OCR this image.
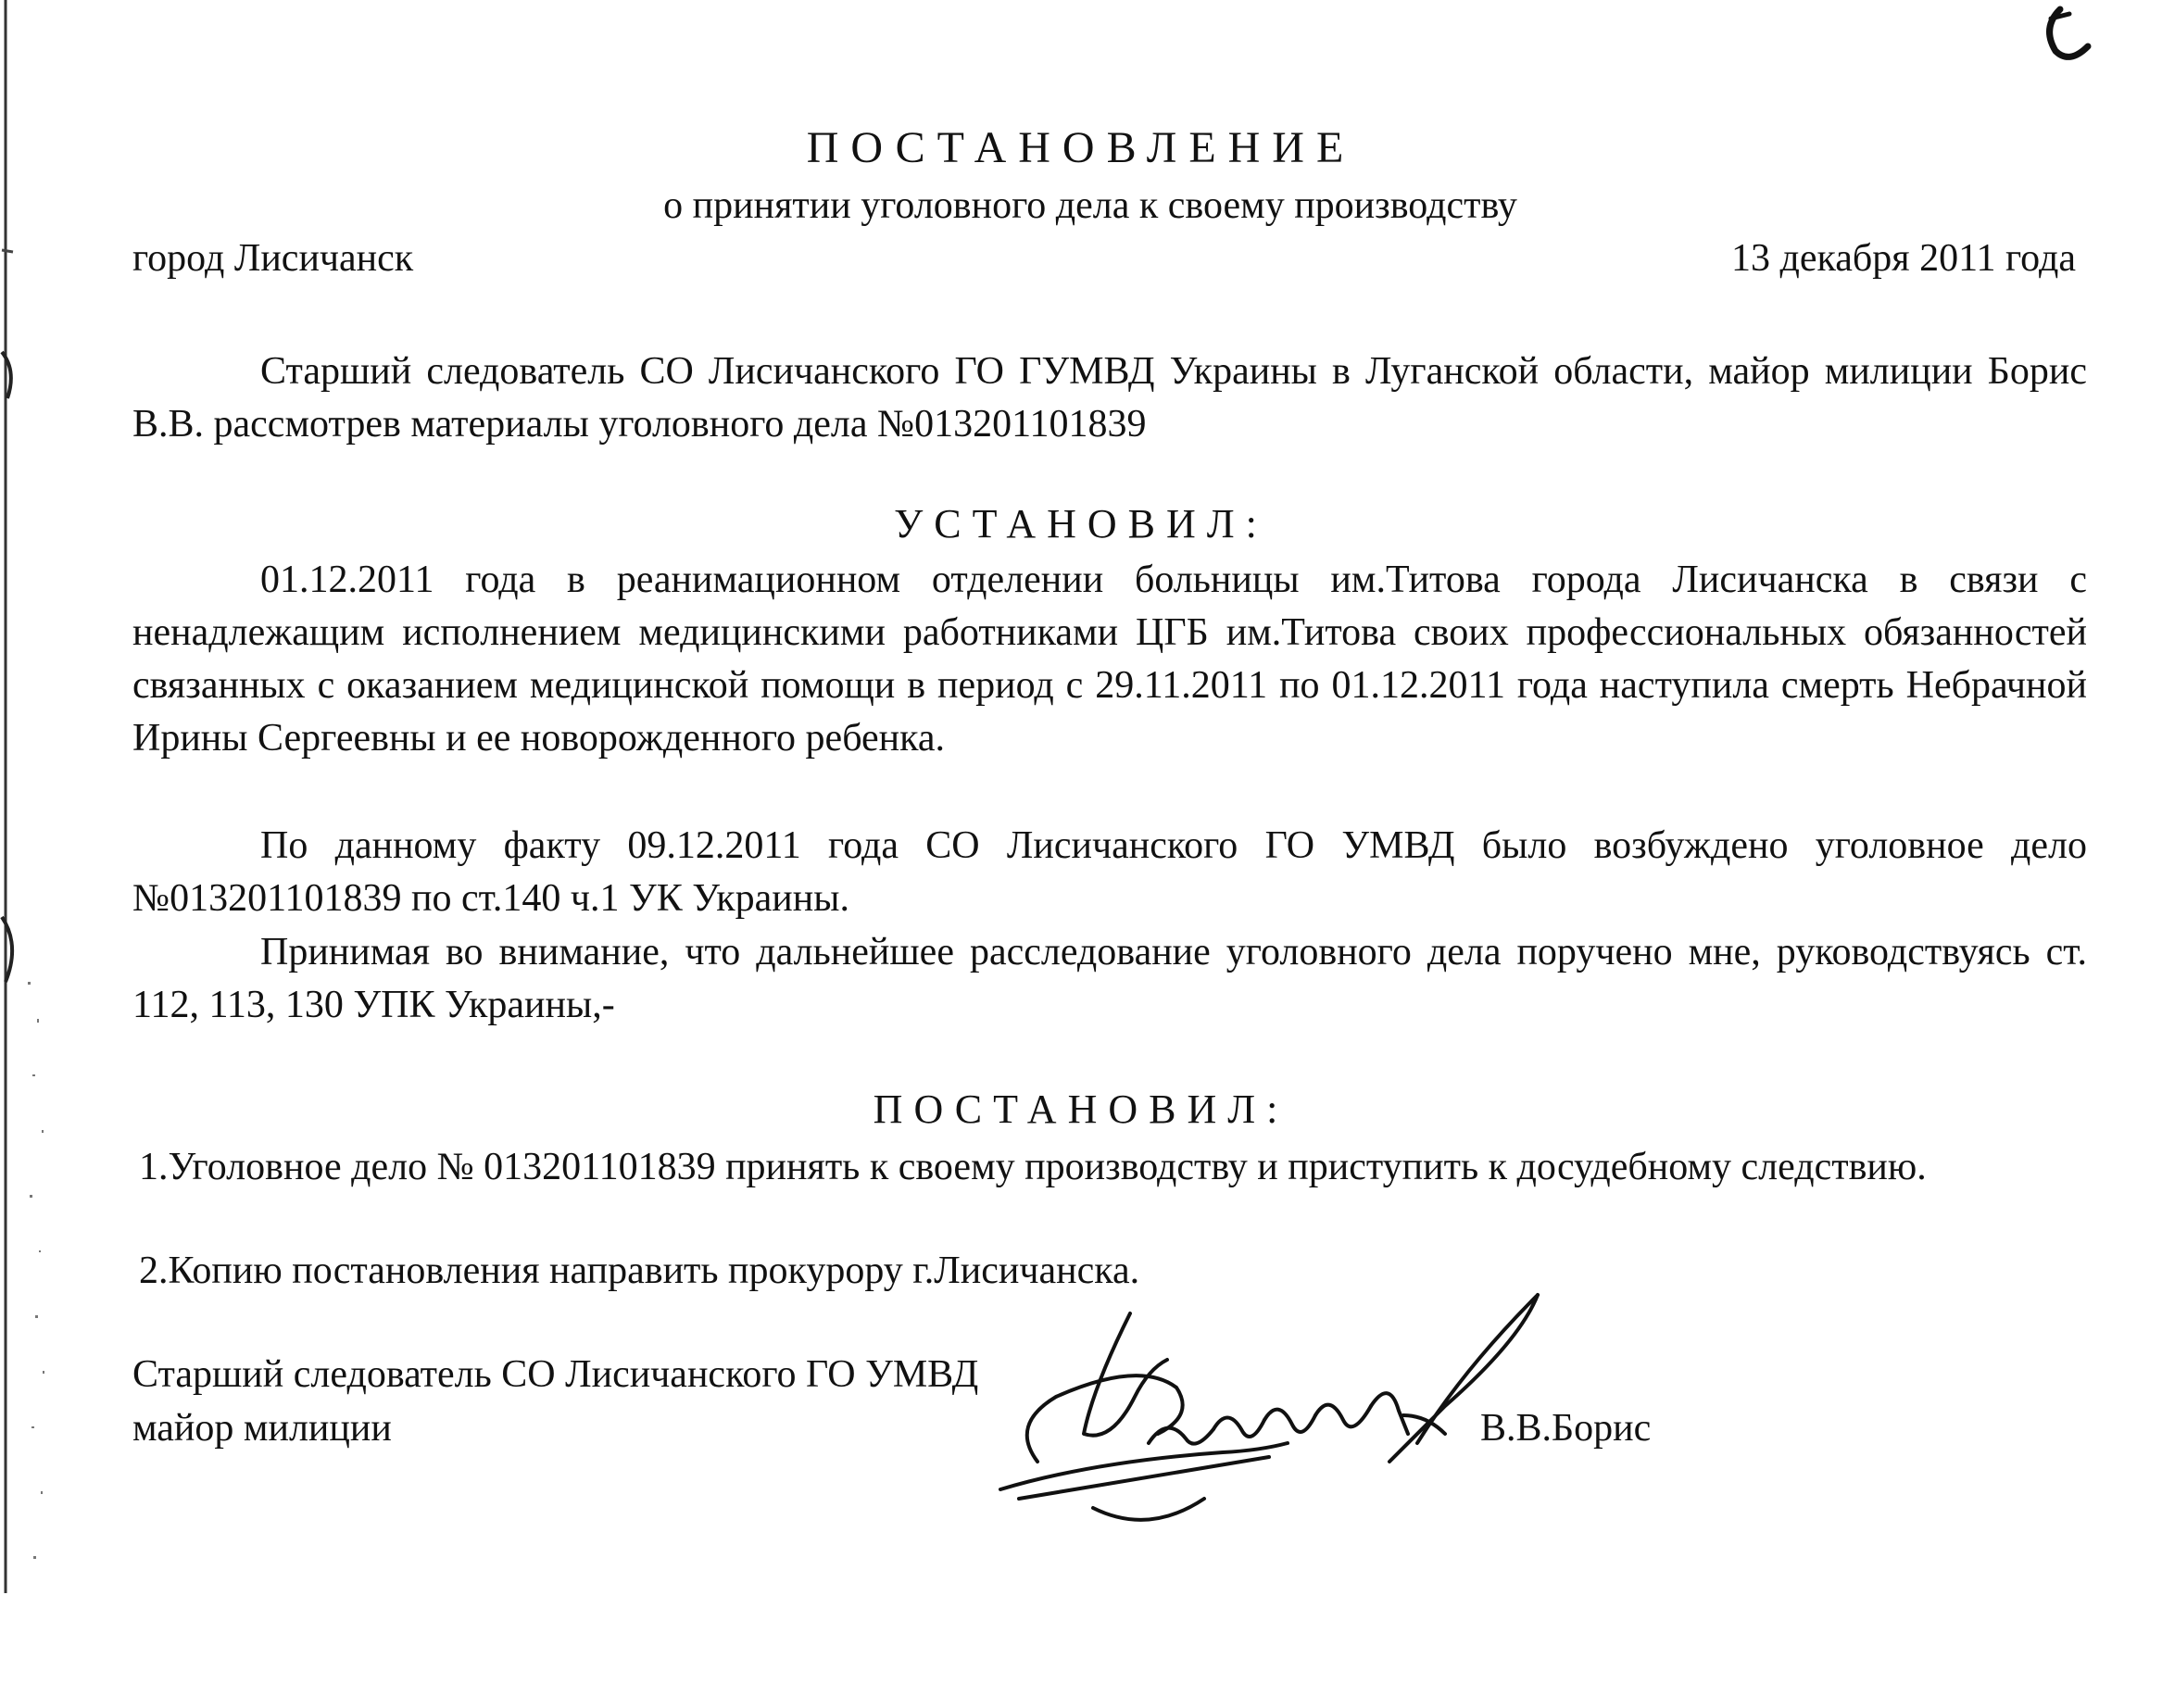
ПОСТАНОВЛЕНИЕ
о принятии уголовного дела к своему производству
город Лисичанск	13 декабря 2011 года
Старший следователь СО Лисичанского ГО ГУМВД Украины в Луганской области, майор милиции Борис В.В. рассмотрев материалы уголовного дела №013201101839
УСТАНОВИЛ:
01.12.2011 года в реанимационном отделении больницы им.Титова города Лисичанска в связи с ненадлежащим исполнением медицинскими работниками ЦГБ им.Титова своих профессиональных обязанностей связанных с оказанием медицинской помощи в период с 29.11.2011 по 01.12.2011 года наступила смерть Небрачной Ирины Сергеевны и ее новорожденного ребенка.
По данному факту 09.12.2011 года СО Лисичанского ГО УМВД было возбуждено уголовное дело №013201101839 по ст.140 ч.1 УК Украины.
Принимая во внимание, что дальнейшее расследование уголовного дела поручено мне, руководствуясь ст. 112, 113, 130 УПК Украины,-
ПОСТАНОВИЛ:
1.Уголовное дело № 013201101839 принять к своему производству и приступить к досудебному следствию.
2.Копию постановления направить прокурору г.Лисичанска.
Старший следователь СО Лисичанского ГО УМВД
майор милиции	В.В.Борис
